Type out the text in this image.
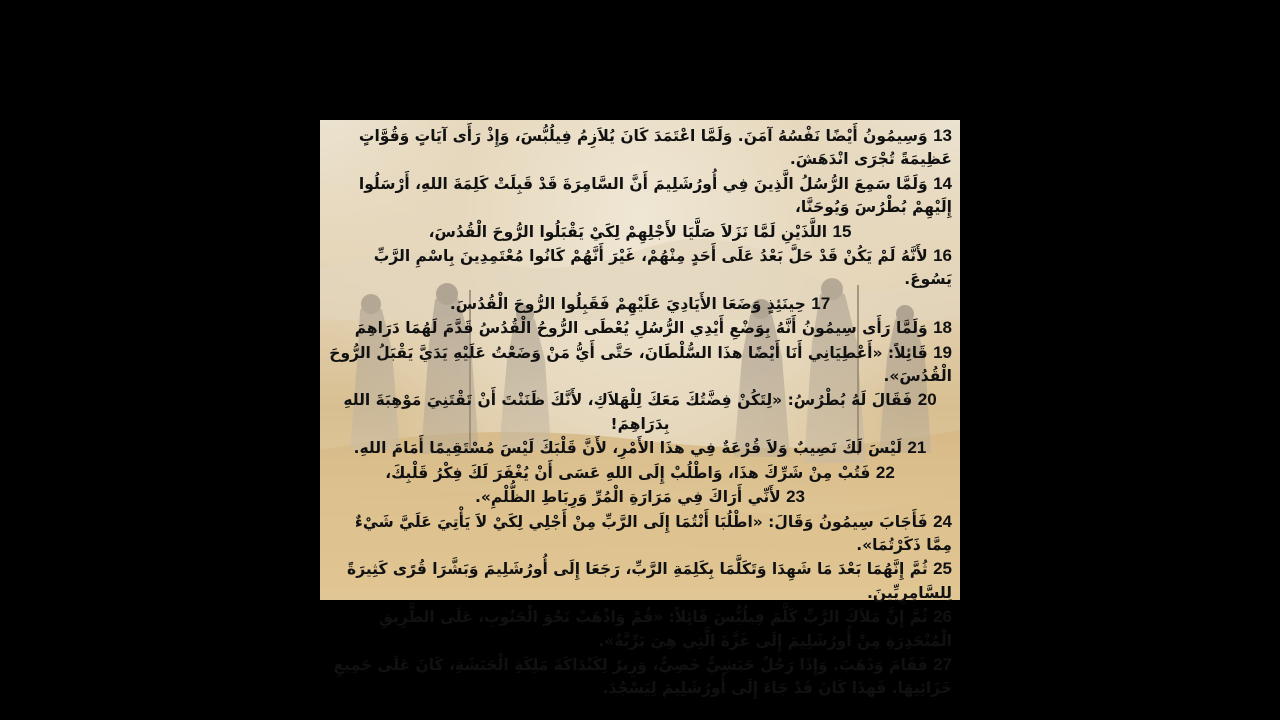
13 وَسِيمُونُ أَيْضًا نَفْسُهُ آمَنَ. وَلَمَّا اعْتَمَدَ كَانَ يُلاَزِمُ فِيلُبُّسَ، وَإِذْ رَأَى آيَاتٍ وَقُوَّاتٍ عَظِيمَةً تُجْرَى انْدَهَشَ.

14 وَلَمَّا سَمِعَ الرُّسُلُ الَّذِينَ فِي أُورُشَلِيمَ أَنَّ السَّامِرَةَ قَدْ قَبِلَتْ كَلِمَةَ اللهِ، أَرْسَلُوا إِلَيْهِمْ بُطْرُسَ وَيُوحَنَّا،

15 اللَّذَيْنِ لَمَّا نَزَلاَ صَلَّيَا لأَجْلِهِمْ لِكَيْ يَقْبَلُوا الرُّوحَ الْقُدُسَ،

16 لأَنَّهُ لَمْ يَكُنْ قَدْ حَلَّ بَعْدُ عَلَى أَحَدٍ مِنْهُمْ، غَيْرَ أَنَّهُمْ كَانُوا مُعْتَمِدِينَ بِاسْمِ الرَّبِّ يَسُوعَ.

17 حِينَئِذٍ وَضَعَا الأَيَادِيَ عَلَيْهِمْ فَقَبِلُوا الرُّوحَ الْقُدُسَ.

18 وَلَمَّا رَأَى سِيمُونُ أَنَّهُ بِوَضْعِ أَيْدِي الرُّسُلِ يُعْطَى الرُّوحُ الْقُدُسُ قَدَّمَ لَهُمَا دَرَاهِمَ

19 قَائِلاً: «أَعْطِيَانِي أَنَا أَيْضًا هذَا السُّلْطَانَ، حَتَّى أَيُّ مَنْ وَضَعْتُ عَلَيْهِ يَدَيَّ يَقْبَلُ الرُّوحَ الْقُدُسَ».

20 فَقَالَ لَهُ بُطْرُسُ: «لِتَكُنْ فِضَّتُكَ مَعَكَ لِلْهَلاَكِ، لأَنَّكَ ظَنَنْتَ أَنْ تَقْتَنِيَ مَوْهِبَةَ اللهِ بِدَرَاهِمَ!

21 لَيْسَ لَكَ نَصِيبٌ وَلاَ قُرْعَةٌ فِي هذَا الأَمْرِ، لأَنَّ قَلْبَكَ لَيْسَ مُسْتَقِيمًا أَمَامَ اللهِ.

22 فَتُبْ مِنْ شَرِّكَ هذَا، وَاطْلُبْ إِلَى اللهِ عَسَى أَنْ يُغْفَرَ لَكَ فِكْرُ قَلْبِكَ،

23 لأَنِّي أَرَاكَ فِي مَرَارَةِ الْمُرِّ وَرِبَاطِ الظُّلْمِ».

24 فَأَجَابَ سِيمُونُ وَقَالَ: «اطْلُبَا أَنْتُمَا إِلَى الرَّبِّ مِنْ أَجْلِي لِكَيْ لاَ يَأْتِيَ عَلَيَّ شَيْءٌ مِمَّا ذَكَرْتُمَا».

25 ثُمَّ إِنَّهُمَا بَعْدَ مَا شَهِدَا وَتَكَلَّمَا بِكَلِمَةِ الرَّبِّ، رَجَعَا إِلَى أُورُشَلِيمَ وَبَشَّرَا قُرًى كَثِيرَةً لِلسَّامِرِيِّينَ.

26 ثُمَّ إِنَّ مَلاَكَ الرَّبِّ كَلَّمَ فِيلُبُّسَ قَائِلاً: «قُمْ وَاذْهَبْ نَحْوَ الْجَنُوبِ، عَلَى الطَّرِيقِ الْمُنْحَدِرَةِ مِنْ أُورُشَلِيمَ إِلَى غَزَّةَ الَّتِي هِيَ بَرِّيَّةٌ».

27 فَقَامَ وَذَهَبَ. وَإِذَا رَجُلٌ حَبَشِيٌّ خَصِيٌّ، وَزِيرٌ لِكَنْدَاكَةَ مَلِكَةِ الْحَبَشَةِ، كَانَ عَلَى جَمِيعِ خَزَائِنِهَا. فَهذَا كَانَ قَدْ جَاءَ إِلَى أُورُشَلِيمَ لِيَسْجُدَ.
